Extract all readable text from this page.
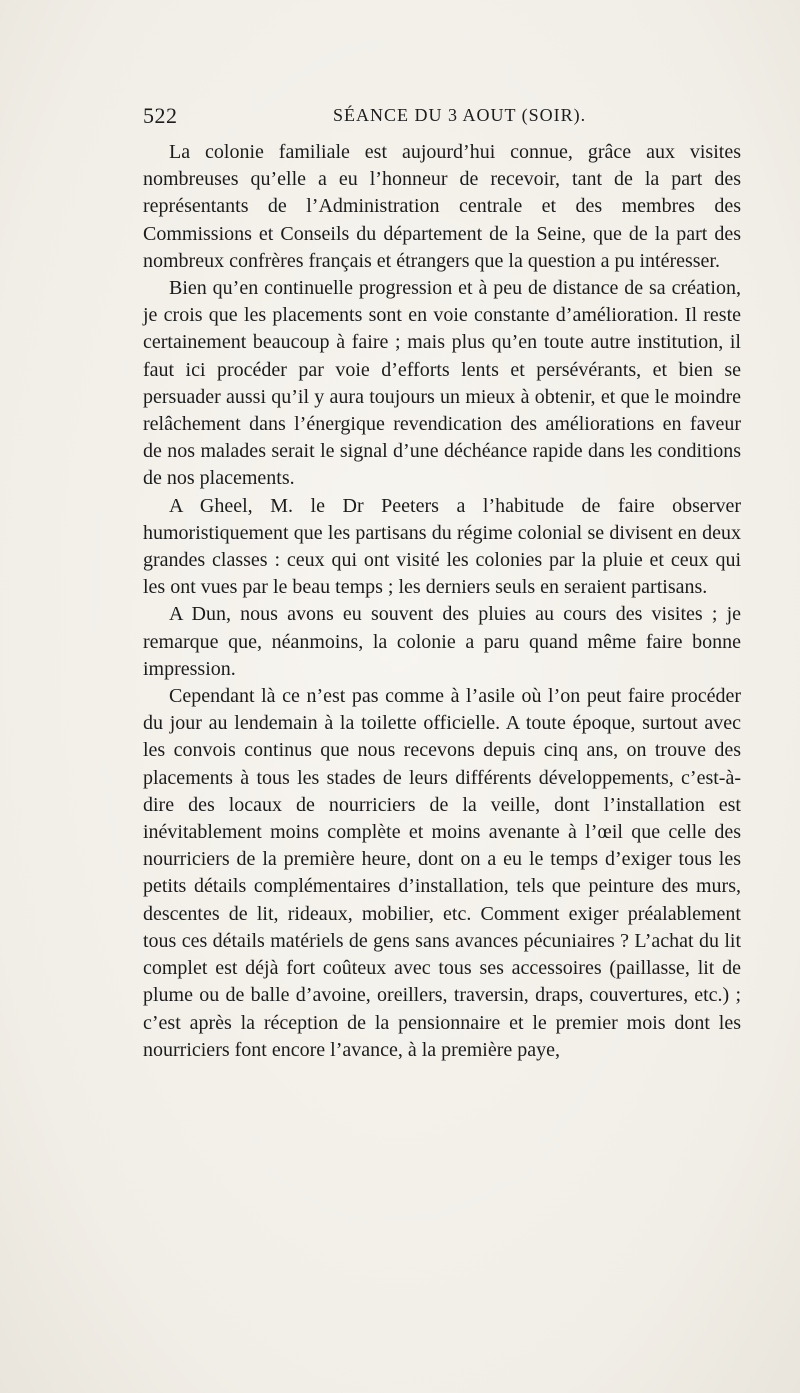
522	SÉANCE DU 3 AOUT (SOIR).

La colonie familiale est aujourd’hui connue, grâce aux visites nombreuses qu’elle a eu l’honneur de recevoir, tant de la part des représentants de l’Administration centrale et des membres des Commissions et Conseils du département de la Seine, que de la part des nombreux confrères français et étrangers que la question a pu intéresser.

Bien qu’en continuelle progression et à peu de distance de sa création, je crois que les placements sont en voie constante d’amélioration. Il reste certainement beaucoup à faire ; mais plus qu’en toute autre institution, il faut ici procéder par voie d’efforts lents et persévérants, et bien se persuader aussi qu’il y aura toujours un mieux à obtenir, et que le moindre relâchement dans l’énergique revendication des améliorations en faveur de nos malades serait le signal d’une déchéance rapide dans les conditions de nos placements.

A Gheel, M. le Dr Peeters a l’habitude de faire observer humoristiquement que les partisans du régime colonial se divisent en deux grandes classes : ceux qui ont visité les colonies par la pluie et ceux qui les ont vues par le beau temps ; les derniers seuls en seraient partisans.

A Dun, nous avons eu souvent des pluies au cours des visites ; je remarque que, néanmoins, la colonie a paru quand même faire bonne impression.

Cependant là ce n’est pas comme à l’asile où l’on peut faire procéder du jour au lendemain à la toilette officielle. A toute époque, surtout avec les convois continus que nous recevons depuis cinq ans, on trouve des placements à tous les stades de leurs différents développements, c’est-à-dire des locaux de nourriciers de la veille, dont l’installation est inévitablement moins complète et moins avenante à l’œil que celle des nourriciers de la première heure, dont on a eu le temps d’exiger tous les petits détails complémentaires d’installation, tels que peinture des murs, descentes de lit, rideaux, mobilier, etc. Comment exiger préalablement tous ces détails matériels de gens sans avances pécuniaires ? L’achat du lit complet est déjà fort coûteux avec tous ses accessoires (paillasse, lit de plume ou de balle d’avoine, oreillers, traversin, draps, couvertures, etc.) ; c’est après la réception de la pensionnaire et le premier mois dont les nourriciers font encore l’avance, à la première paye,
